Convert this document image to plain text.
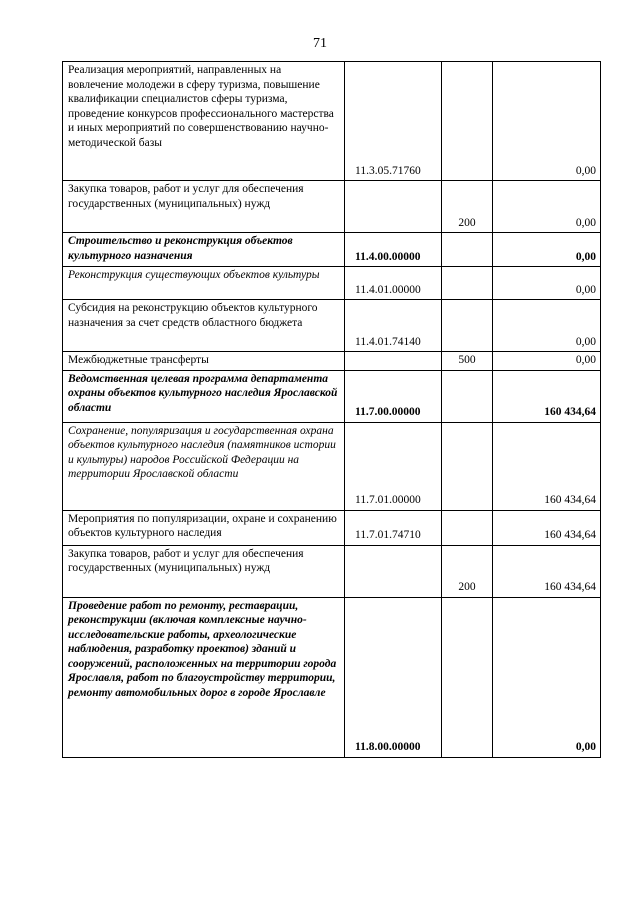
71
Реализация мероприятий, направленных на вовлечение молодежи в сферу туризма, повышение квалификации специалистов сферы туризма, проведение конкурсов профессионального мастерства и иных мероприятий по совершенствованию научно-методической базы	11.3.05.71760		0,00
Закупка товаров, работ и услуг для обеспечения государственных (муниципальных) нужд		200	0,00
Строительство и реконструкция объектов культурного назначения	11.4.00.00000		0,00
Реконструкция существующих объектов культуры	11.4.01.00000		0,00
Субсидия на реконструкцию объектов культурного назначения за счет средств областного бюджета	11.4.01.74140		0,00
Межбюджетные трансферты		500	0,00
Ведомственная целевая программа департамента охраны объектов культурного наследия Ярославской области	11.7.00.00000		160 434,64
Сохранение, популяризация и государственная охрана объектов культурного наследия (памятников истории и культуры) народов Российской Федерации на территории Ярославской области	11.7.01.00000		160 434,64
Мероприятия по популяризации, охране и сохранению объектов культурного наследия	11.7.01.74710		160 434,64
Закупка товаров, работ и услуг для обеспечения государственных (муниципальных) нужд		200	160 434,64
Проведение работ по ремонту, реставрации, реконструкции (включая комплексные научно-исследовательские работы, археологические наблюдения, разработку проектов) зданий и сооружений, расположенных на территории города Ярославля, работ по благоустройству территории, ремонту автомобильных дорог в городе Ярославле	11.8.00.00000		0,00
